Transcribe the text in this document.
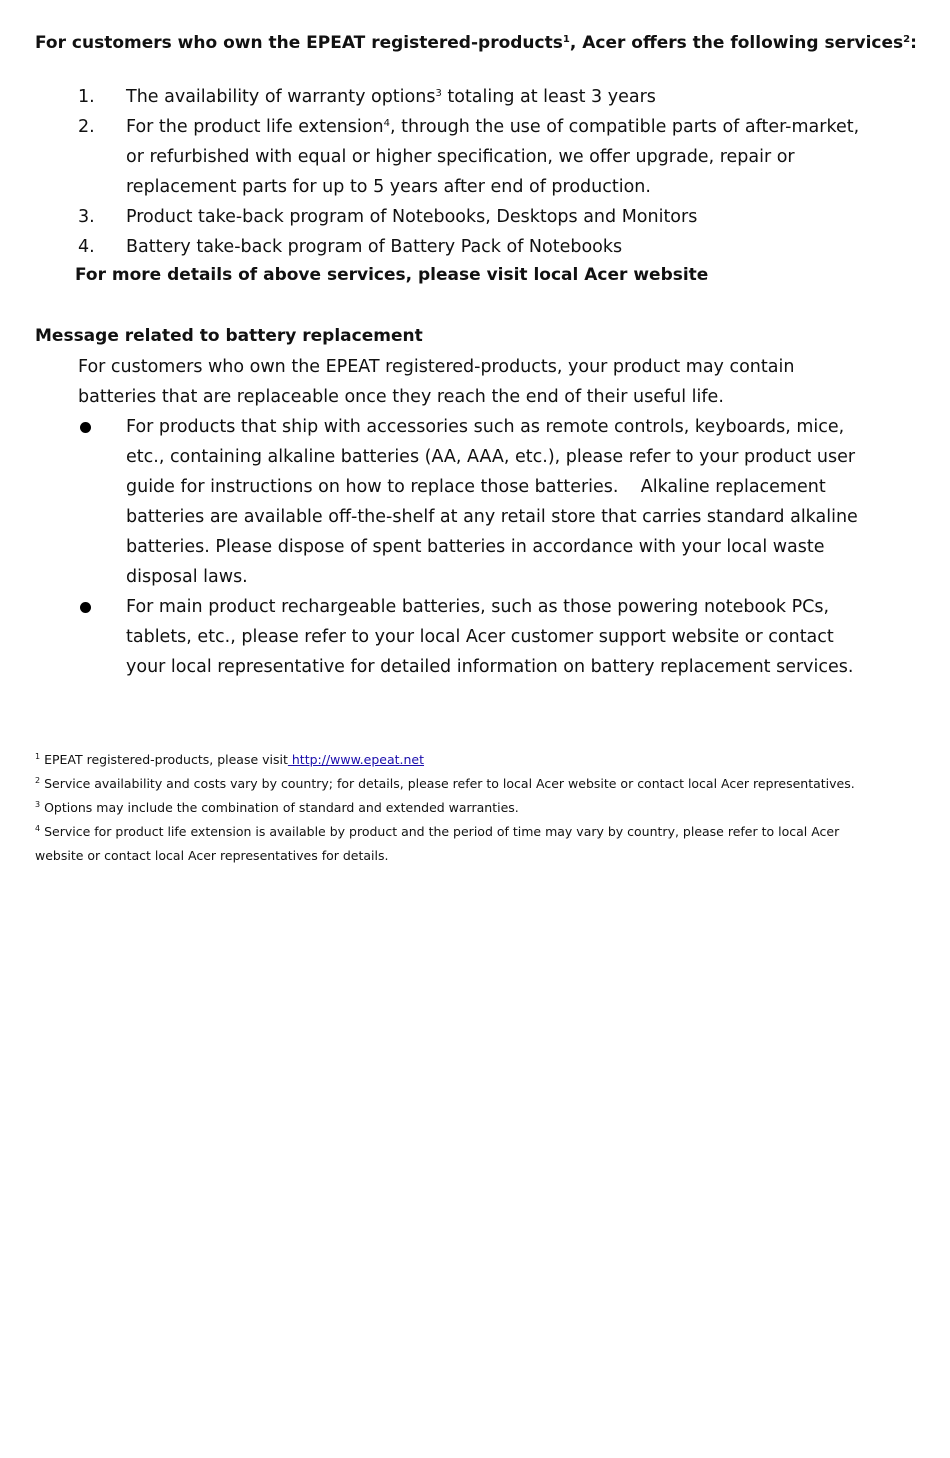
For customers who own the EPEAT registered-products$^1$, Acer offers the following services$^2$:
1.	The availability of warranty options$^3$ totaling at least 3 years
2.	For the product life extension$^4$, through the use of compatible parts of after-market, or refurbished with equal or higher specification, we offer upgrade, repair or replacement parts for up to 5 years after end of production.
3.	Product take-back program of Notebooks, Desktops and Monitors
4.	Battery take-back program of Battery Pack of Notebooks
For more details of above services, please visit local Acer website
Message related to battery replacement
For customers who own the EPEAT registered-products, your product may contain batteries that are replaceable once they reach the end of their useful life.
For products that ship with accessories such as remote controls, keyboards, mice, etc., containing alkaline batteries (AA, AAA, etc.), please refer to your product user guide for instructions on how to replace those batteries.    Alkaline replacement batteries are available off-the-shelf at any retail store that carries standard alkaline batteries. Please dispose of spent batteries in accordance with your local waste disposal laws.
For main product rechargeable batteries, such as those powering notebook PCs, tablets, etc., please refer to your local Acer customer support website or contact your local representative for detailed information on battery replacement services.
$^1$ EPEAT registered-products, please visit http://www.epeat.net
$^2$ Service availability and costs vary by country; for details, please refer to local Acer website or contact local Acer representatives.
$^3$ Options may include the combination of standard and extended warranties.
$^4$ Service for product life extension is available by product and the period of time may vary by country, please refer to local Acer website or contact local Acer representatives for details.
